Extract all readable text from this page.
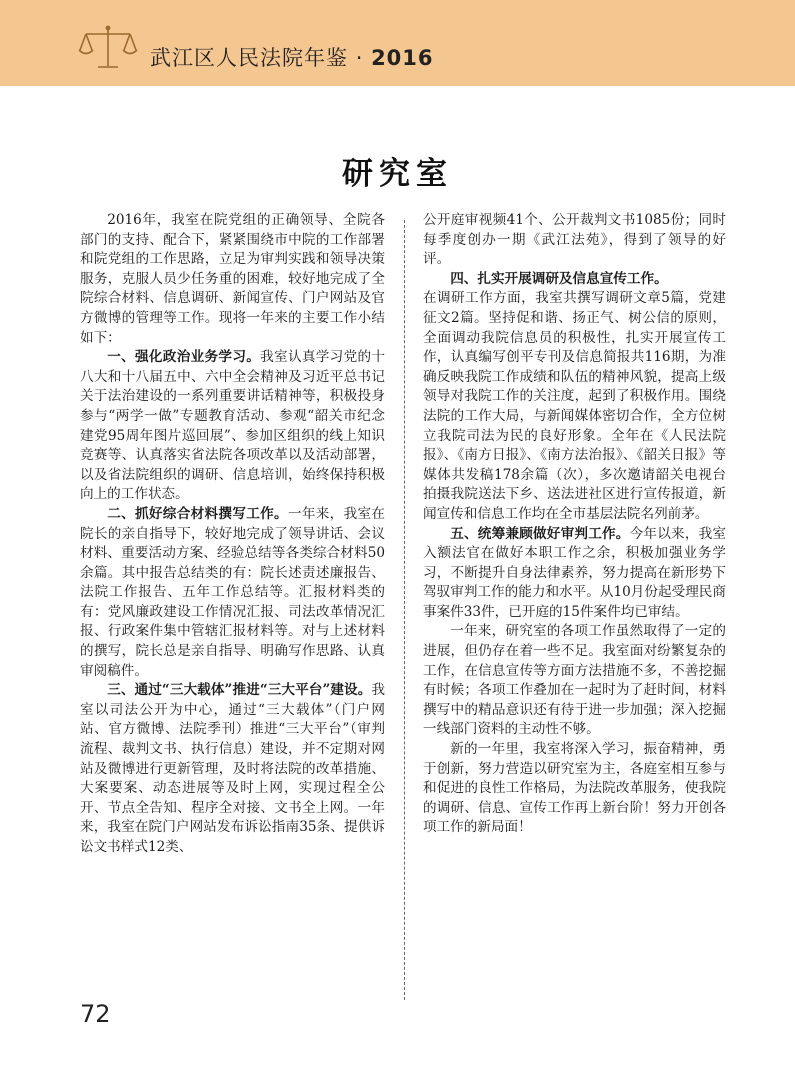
武江区人民法院年鉴 · 2016
研究室

2016年，我室在院党组的正确领导、全院各部门的支持、配合下，紧紧围绕市中院的工作部署和院党组的工作思路，立足为审判实践和领导决策服务，克服人员少任务重的困难，较好地完成了全院综合材料、信息调研、新闻宣传、门户网站及官方微博的管理等工作。现将一年来的主要工作小结如下：

一、强化政治业务学习。我室认真学习党的十八大和十八届五中、六中全会精神及习近平总书记关于法治建设的一系列重要讲话精神等，积极投身参与“两学一做”专题教育活动、参观“韶关市纪念建党95周年图片巡回展”、参加区组织的线上知识竞赛等、认真落实省法院各项改革以及活动部署，以及省法院组织的调研、信息培训，始终保持积极向上的工作状态。

二、抓好综合材料撰写工作。一年来，我室在院长的亲自指导下，较好地完成了领导讲话、会议材料、重要活动方案、经验总结等各类综合材料50余篇。其中报告总结类的有：院长述责述廉报告、法院工作报告、五年工作总结等。汇报材料类的有：党风廉政建设工作情况汇报、司法改革情况汇报、行政案件集中管辖汇报材料等。对与上述材料的撰写，院长总是亲自指导、明确写作思路、认真审阅稿件。

三、通过“三大载体”推进“三大平台”建设。我室以司法公开为中心，通过“三大载体”（门户网站、官方微博、法院季刊）推进“三大平台”（审判流程、裁判文书、执行信息）建设，并不定期对网站及微博进行更新管理，及时将法院的改革措施、大案要案、动态进展等及时上网，实现过程全公开、节点全告知、程序全对接、文书全上网。一年来，我室在院门户网站发布诉讼指南35条、提供诉讼文书样式12类、

公开庭审视频41个、公开裁判文书1085份；同时每季度创办一期《武江法苑》，得到了领导的好评。

四、扎实开展调研及信息宣传工作。

在调研工作方面，我室共撰写调研文章5篇，党建征文2篇。坚持促和谐、扬正气、树公信的原则，全面调动我院信息员的积极性，扎实开展宣传工作，认真编写创平专刊及信息简报共116期，为准确反映我院工作成绩和队伍的精神风貌，提高上级领导对我院工作的关注度，起到了积极作用。围绕法院的工作大局，与新闻媒体密切合作，全方位树立我院司法为民的良好形象。全年在《人民法院报》、《南方日报》、《南方法治报》、《韶关日报》等媒体共发稿178余篇（次），多次邀请韶关电视台拍摄我院送法下乡、送法进社区进行宣传报道，新闻宣传和信息工作均在全市基层法院名列前茅。

五、统筹兼顾做好审判工作。今年以来，我室入额法官在做好本职工作之余，积极加强业务学习，不断提升自身法律素养，努力提高在新形势下驾驭审判工作的能力和水平。从10月份起受理民商事案件33件，已开庭的15件案件均已审结。

一年来，研究室的各项工作虽然取得了一定的进展，但仍存在着一些不足。我室面对纷繁复杂的工作，在信息宣传等方面方法措施不多，不善挖掘有时候；各项工作叠加在一起时为了赶时间，材料撰写中的精品意识还有待于进一步加强；深入挖掘一线部门资料的主动性不够。

新的一年里，我室将深入学习，振奋精神，勇于创新，努力营造以研究室为主，各庭室相互参与和促进的良性工作格局，为法院改革服务，使我院的调研、信息、宣传工作再上新台阶！努力开创各项工作的新局面！

72
